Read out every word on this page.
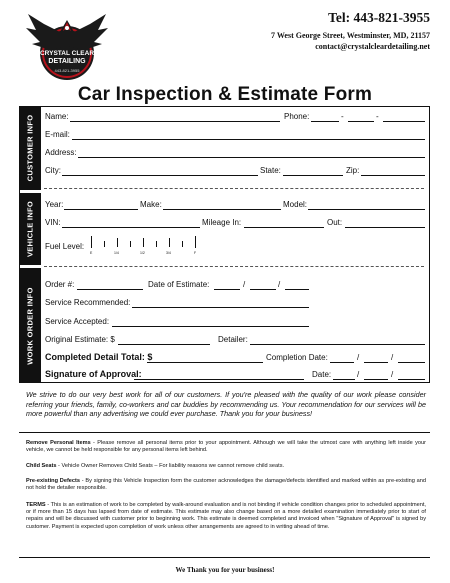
CRYSTAL CLEAR
DETAILING
443-821-3955
Tel: 443-821-3955
7 West George Street, Westminster, MD, 21157
contact@crystalcleardetailing.net
Car Inspection & Estimate Form
CUSTOMER INFO
VEHICLE INFO
WORK ORDER INFO
Name:	Phone:	-	-
E-mail:
Address:
City:	State:	Zip:
Year:	Make:	Model:
VIN:	Mileage In:	Out:
Fuel Level:
E	1/4	1/2	3/4	F
Order #:	Date of Estimate:	/	/
Service Recommended:
Service Accepted:
Original Estimate: $	Detailer:
Completed Detail Total: $	Completion Date:	/	/
Signature of Approval:	Date:	/	/
We strive to do our very best work for all of our customers. If you're pleased with the quality of our work please consider referring your friends, family, co-workers and car buddies by recommending us. Your recommendation for our services will be more powerful than any advertising we could ever purchase. Thank you for your business!
Remove Personal Items - Please remove all personal items prior to your appointment. Although we will take the utmost care with anything left inside your vehicle, we cannot be held responsible for any personal items left behind.
Child Seats - Vehicle Owner Removes Child Seats – For liability reasons we cannot remove child seats.
Pre-existing Defects - By signing this Vehicle Inspection form the customer acknowledges the damage/defects identified and marked within as pre-existing and not hold the detailer responsible.
TERMS - This is an estimation of work to be completed by walk-around evaluation and is not binding if vehicle condition changes prior to scheduled appointment, or if more than 15 days has lapsed from date of estimate. This estimate may also change based on a more detailed examination immediately prior to start of repairs and will be discussed with customer prior to beginning work. This estimate is deemed completed and invoiced when "Signature of Approval" is signed by customer. Payment is expected upon completion of work unless other arrangements are agreed to in writing ahead of time.
We Thank you for your business!
